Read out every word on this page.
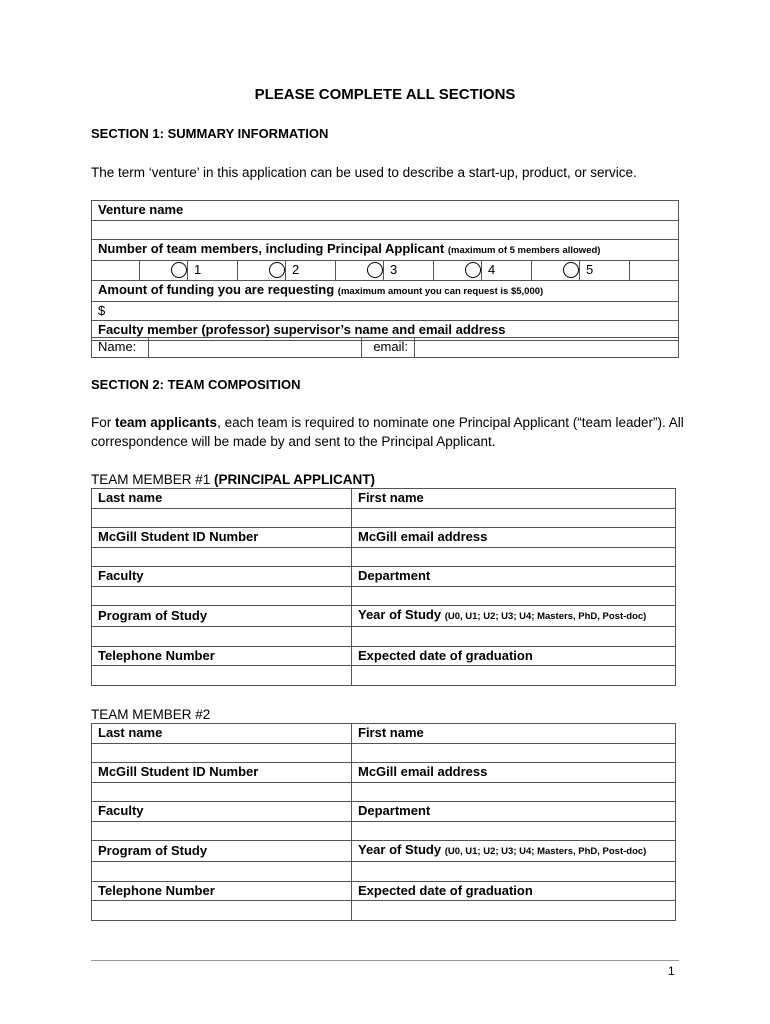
PLEASE COMPLETE ALL SECTIONS
SECTION 1: SUMMARY INFORMATION
The term ‘venture’ in this application can be used to describe a start-up, product, or service.
Venture name

Number of team members, including Principal Applicant (maximum of 5 members allowed)

	1		2		3		4		5	
Amount of funding you are requesting (maximum amount you can request is $5,000)
$
Faculty member (professor) supervisor’s name and email address
Name:		email:	
SECTION 2: TEAM COMPOSITION
For team applicants, each team is required to nominate one Principal Applicant (“team leader”). All correspondence will be made by and sent to the Principal Applicant.
TEAM MEMBER #1 (PRINCIPAL APPLICANT)
Last name	First name

McGill Student ID Number	McGill email address

Faculty	Department

Program of Study	Year of Study (U0, U1; U2; U3; U4; Masters, PhD, Post-doc)

Telephone Number	Expected date of graduation

TEAM MEMBER #2
Last name	First name

McGill Student ID Number	McGill email address

Faculty	Department

Program of Study	Year of Study (U0, U1; U2; U3; U4; Masters, PhD, Post-doc)

Telephone Number	Expected date of graduation

1
